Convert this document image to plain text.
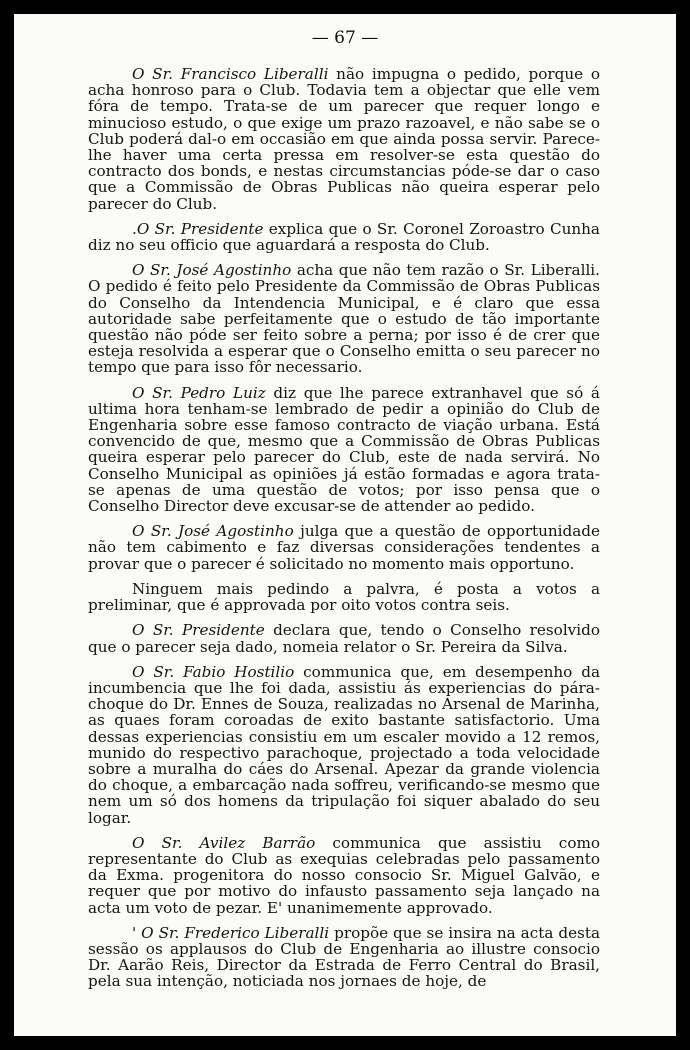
— 67 —

O Sr. Francisco Liberalli não impugna o pedido, porque o acha honroso para o Club. Todavia tem a objectar que elle vem fóra de tempo. Trata-se de um parecer que requer longo e minucioso estudo, o que exige um prazo razoavel, e não sabe se o Club poderá dal-o em occasião em que ainda possa servir. Parece-lhe haver uma certa pressa em resolver-se esta questão do contracto dos bonds, e nestas circumstancias póde-se dar o caso que a Commissão de Obras Publicas não queira esperar pelo parecer do Club.

.O Sr. Presidente explica que o Sr. Coronel Zoroastro Cunha diz no seu officio que aguardará a resposta do Club.

O Sr. José Agostinho acha que não tem razão o Sr. Liberalli. O pedido é feito pelo Presidente da Commissão de Obras Publicas do Conselho da Intendencia Municipal, e é claro que essa autoridade sabe perfeitamente que o estudo de tão importante questão não póde ser feito sobre a perna; por isso é de crer que esteja resolvida a esperar que o Conselho emitta o seu parecer no tempo que para isso fôr necessario.

O Sr. Pedro Luiz diz que lhe parece extranhavel que só á ultima hora tenham-se lembrado de pedir a opinião do Club de Engenharia sobre esse famoso contracto de viação urbana. Está convencido de que, mesmo que a Commissão de Obras Publicas queira esperar pelo parecer do Club, este de nada servirá. No Conselho Municipal as opiniões já estão formadas e agora trata-se apenas de uma questão de votos; por isso pensa que o Conselho Director deve excusar-se de attender ao pedido.

O Sr. José Agostinho julga que a questão de opportunidade não tem cabimento e faz diversas considerações tendentes a provar que o parecer é solicitado no momento mais opportuno.

Ninguem mais pedindo a palvra, é posta a votos a preliminar, que é approvada por oito votos contra seis.

O Sr. Presidente declara que, tendo o Conselho resolvido que o parecer seja dado, nomeia relator o Sr. Pereira da Silva.

O Sr. Fabio Hostilio communica que, em desempenho da incumbencia que lhe foi dada, assistiu ás experiencias do pára-choque do Dr. Ennes de Souza, realizadas no Arsenal de Marinha, as quaes foram coroadas de exito bastante satisfactorio. Uma dessas experiencias consistiu em um escaler movido a 12 remos, munido do respectivo parachoque, projectado a toda velocidade sobre a muralha do cáes do Arsenal. Apezar da grande violencia do choque, a embarcação nada soffreu, verificando-se mesmo que nem um só dos homens da tripulação foi siquer abalado do seu logar.

O Sr. Avilez Barrão communica que assistiu como representante do Club as exequias celebradas pelo passamento da Exma. progenitora do nosso consocio Sr. Miguel Galvão, e requer que por motivo do infausto passamento seja lançado na acta um voto de pezar. E' unanimemente approvado.

' O Sr. Frederico Liberalli propõe que se insira na acta desta sessão os applausos do Club de Engenharia ao illustre consocio Dr. Aarão Reis, Director da Estrada de Ferro Central do Brasil, pela sua intenção, noticiada nos jornaes de hoje, de
